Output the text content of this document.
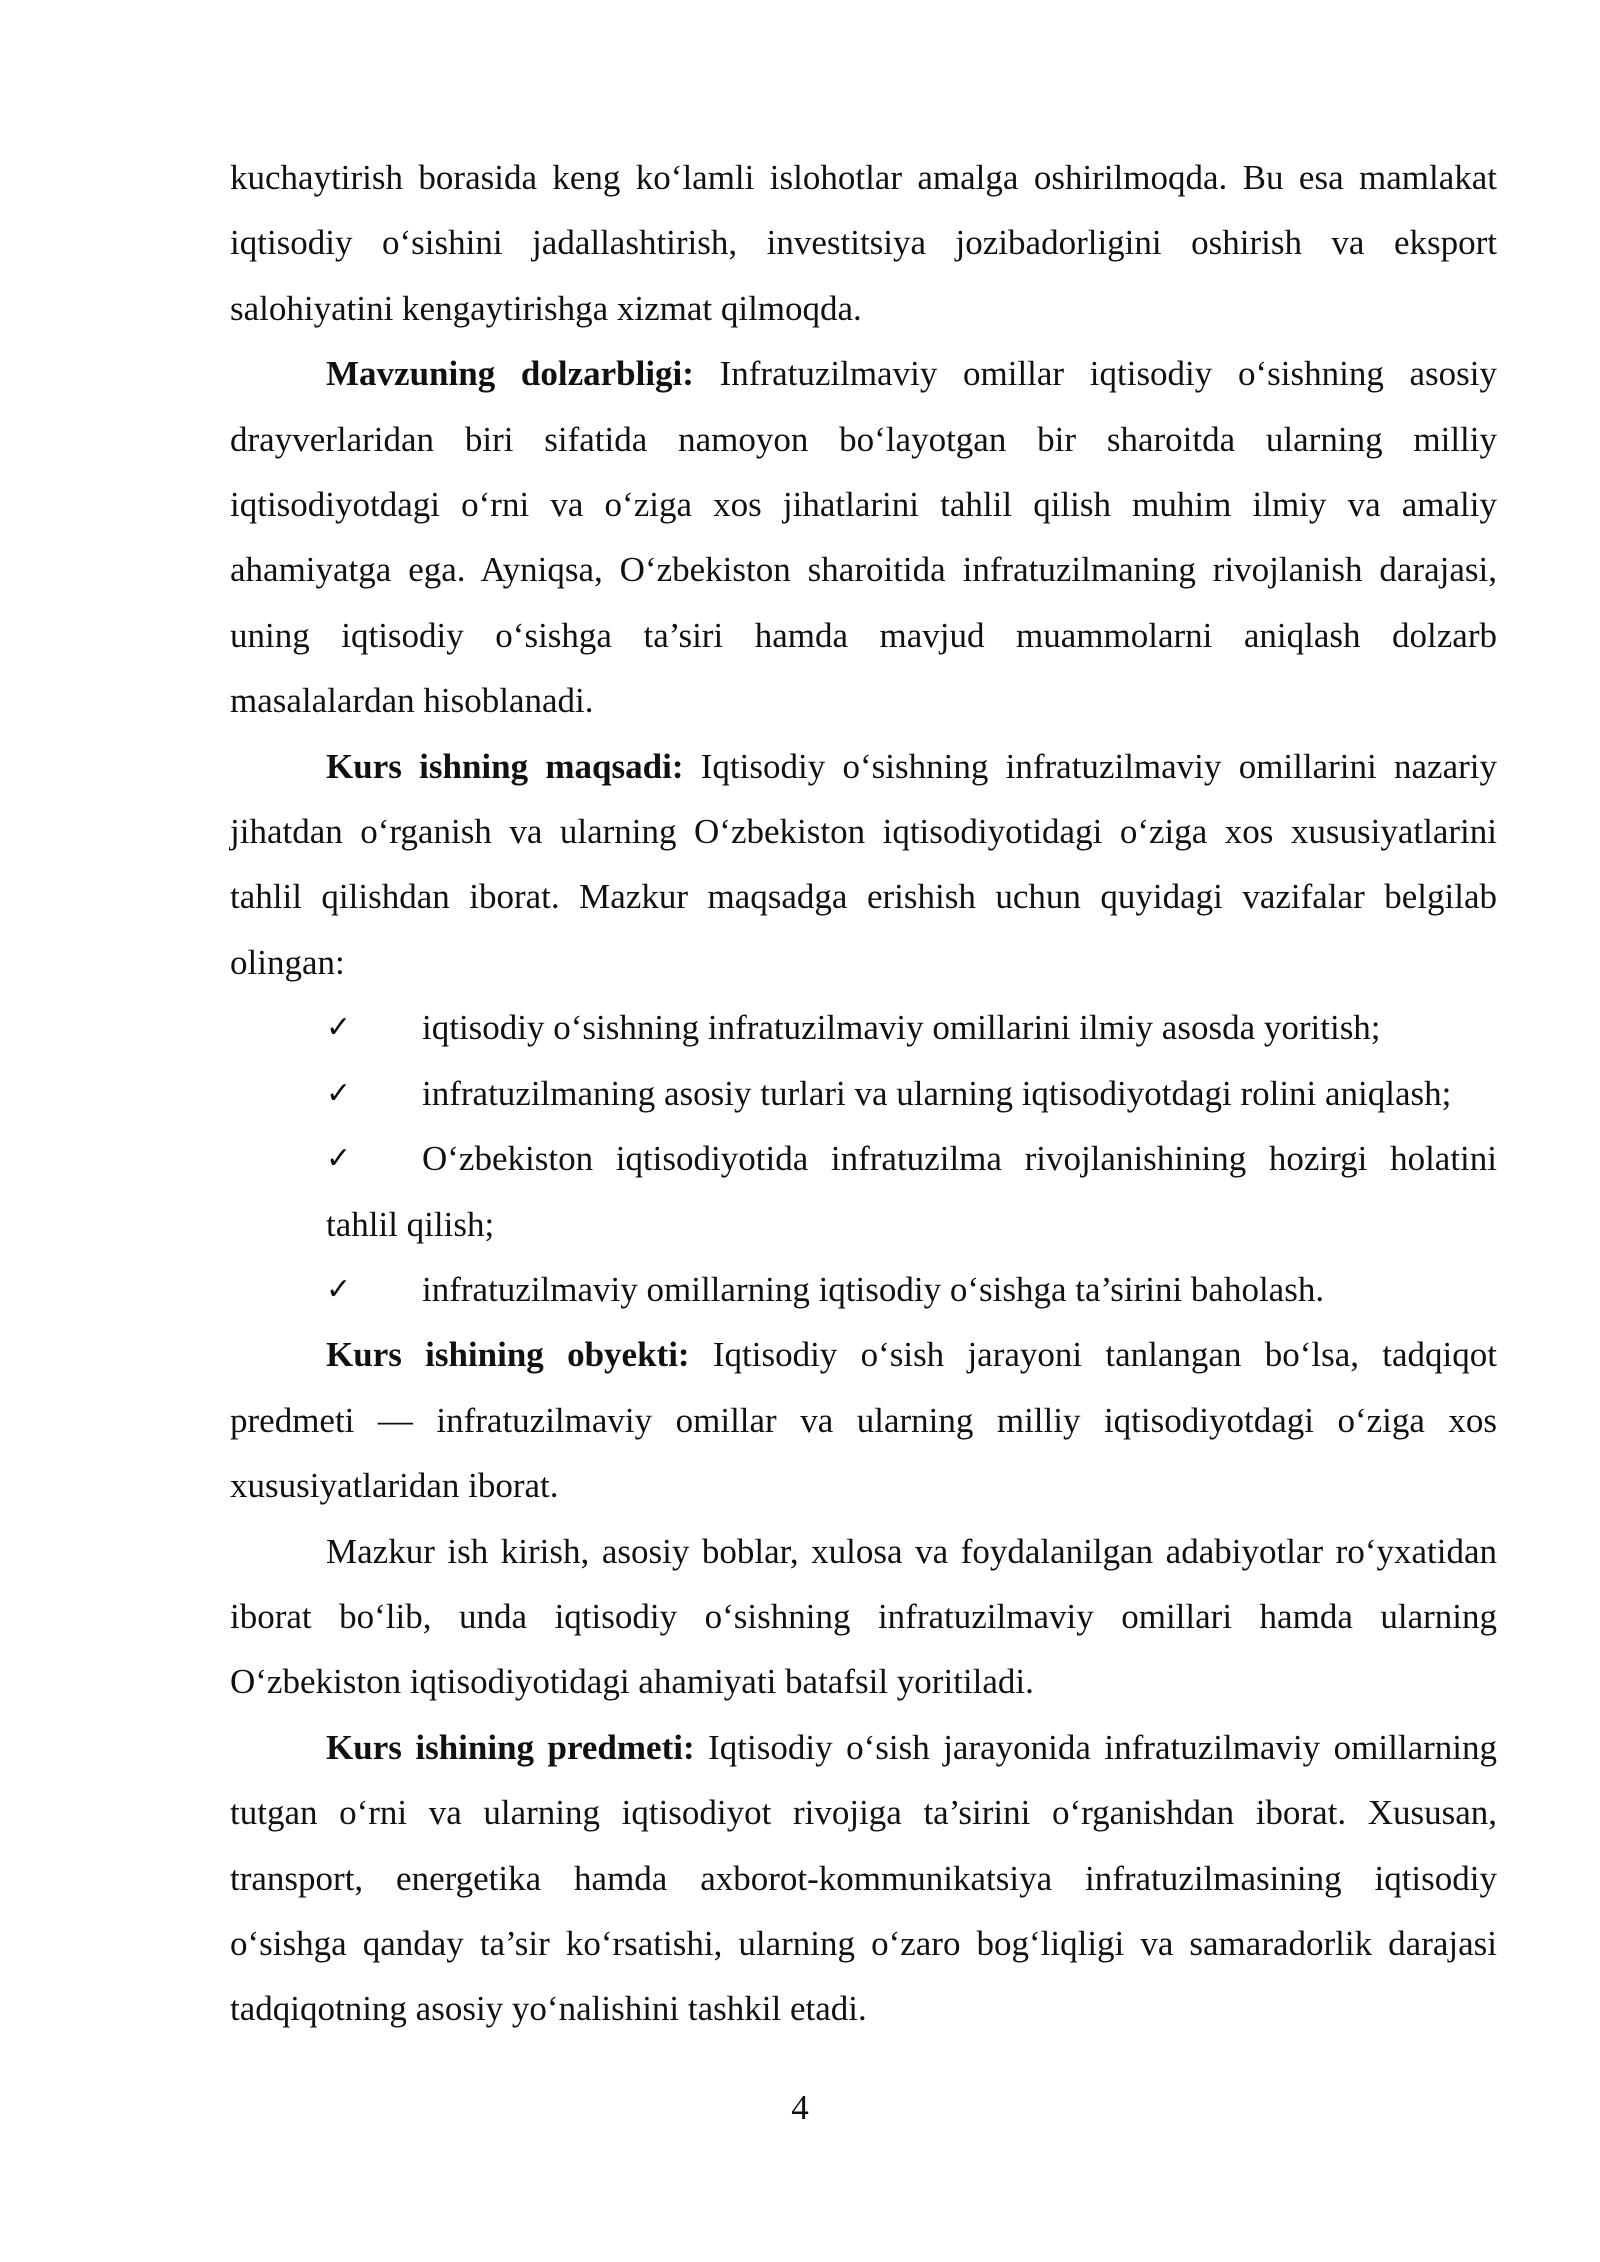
kuchaytirish borasida keng ko‘lamli islohotlar amalga oshirilmoqda. Bu esa mamlakat iqtisodiy o‘sishini jadallashtirish, investitsiya jozibadorligini oshirish va eksport salohiyatini kengaytirishga xizmat qilmoqda.

Mavzuning dolzarbligi: Infratuzilmaviy omillar iqtisodiy o‘sishning asosiy drayverlaridan biri sifatida namoyon bo‘layotgan bir sharoitda ularning milliy iqtisodiyotdagi o‘rni va o‘ziga xos jihatlarini tahlil qilish muhim ilmiy va amaliy ahamiyatga ega. Ayniqsa, O‘zbekiston sharoitida infratuzilmaning rivojlanish darajasi, uning iqtisodiy o‘sishga ta’siri hamda mavjud muammolarni aniqlash dolzarb masalalardan hisoblanadi.

Kurs ishning maqsadi: Iqtisodiy o‘sishning infratuzilmaviy omillarini nazariy jihatdan o‘rganish va ularning O‘zbekiston iqtisodiyotidagi o‘ziga xos xususiyatlarini tahlil qilishdan iborat. Mazkur maqsadga erishish uchun quyidagi vazifalar belgilab olingan:

✓	iqtisodiy o‘sishning infratuzilmaviy omillarini ilmiy asosda yoritish;
✓	infratuzilmaning asosiy turlari va ularning iqtisodiyotdagi rolini aniqlash;
✓	O‘zbekiston iqtisodiyotida infratuzilma rivojlanishining hozirgi holatini tahlil qilish;
✓	infratuzilmaviy omillarning iqtisodiy o‘sishga ta’sirini baholash.

Kurs ishining obyekti: Iqtisodiy o‘sish jarayoni tanlangan bo‘lsa, tadqiqot predmeti — infratuzilmaviy omillar va ularning milliy iqtisodiyotdagi o‘ziga xos xususiyatlaridan iborat.

Mazkur ish kirish, asosiy boblar, xulosa va foydalanilgan adabiyotlar ro‘yxatidan iborat bo‘lib, unda iqtisodiy o‘sishning infratuzilmaviy omillari hamda ularning O‘zbekiston iqtisodiyotidagi ahamiyati batafsil yoritiladi.

Kurs ishining predmeti: Iqtisodiy o‘sish jarayonida infratuzilmaviy omillarning tutgan o‘rni va ularning iqtisodiyot rivojiga ta’sirini o‘rganishdan iborat. Xususan, transport, energetika hamda axborot-kommunikatsiya infratuzilmasining iqtisodiy o‘sishga qanday ta’sir ko‘rsatishi, ularning o‘zaro bog‘liqligi va samaradorlik darajasi tadqiqotning asosiy yo‘nalishini tashkil etadi.

4
